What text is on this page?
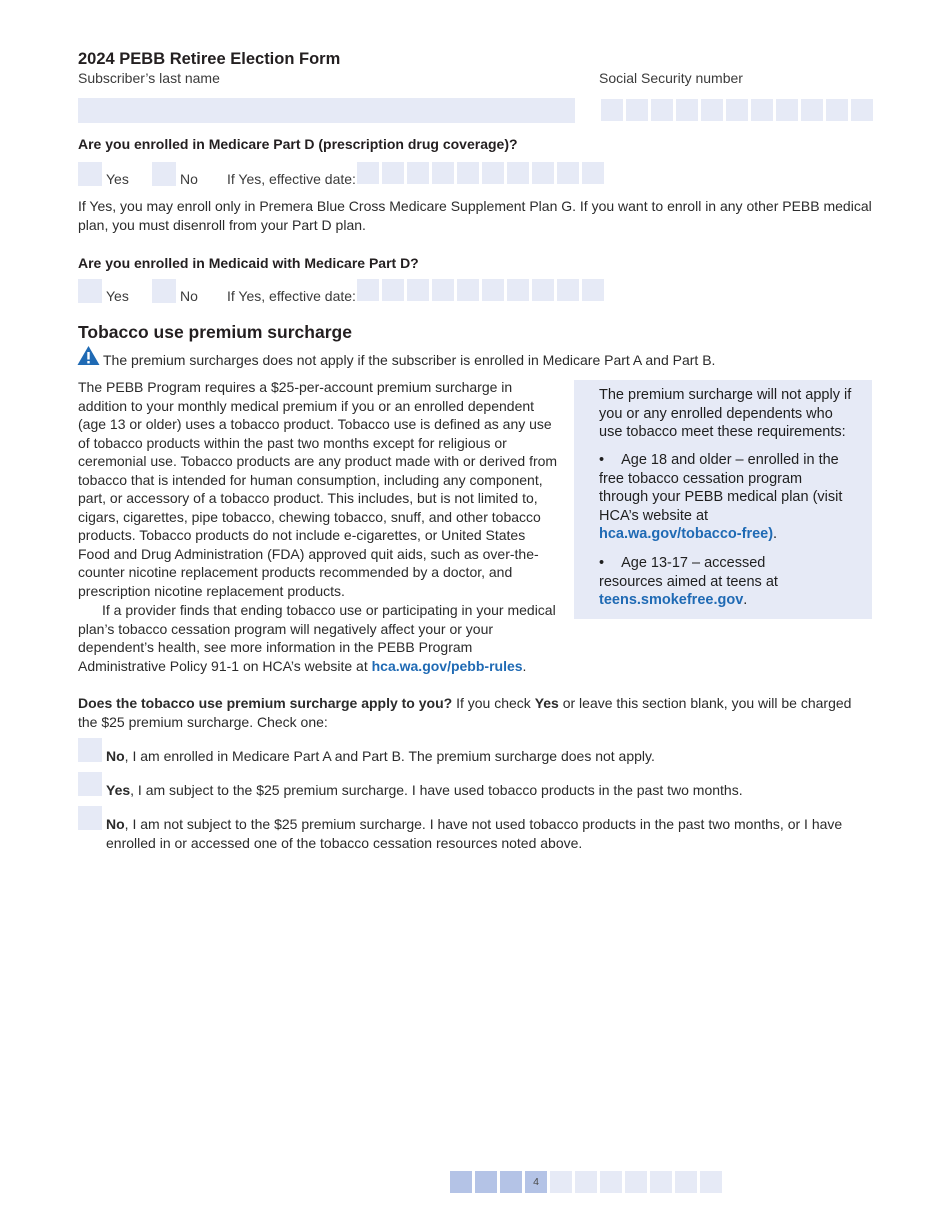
2024 PEBB Retiree Election Form
Subscriber’s last name	Social Security number
Are you enrolled in Medicare Part D (prescription drug coverage)?
Yes	No If Yes, effective date:
If Yes, you may enroll only in Premera Blue Cross Medicare Supplement Plan G. If you want to enroll in any other PEBB medical plan, you must disenroll from your Part D plan.
Are you enrolled in Medicaid with Medicare Part D?
Yes	No If Yes, effective date:
Tobacco use premium surcharge
The premium surcharges does not apply if the subscriber is enrolled in Medicare Part A and Part B.
The PEBB Program requires a $25-per-account premium surcharge in addition to your monthly medical premium if you or an enrolled dependent (age 13 or older) uses a tobacco product. Tobacco use is defined as any use of tobacco products within the past two months except for religious or ceremonial use. Tobacco products are any product made with or derived from tobacco that is intended for human consumption, including any component, part, or accessory of a tobacco product. This includes, but is not limited to, cigars, cigarettes, pipe tobacco, chewing tobacco, snuff, and other tobacco products. Tobacco products do not include e-cigarettes, or United States Food and Drug Administration (FDA) approved quit aids, such as over-the-counter nicotine replacement products recommended by a doctor, and prescription nicotine replacement products.
If a provider finds that ending tobacco use or participating in your medical plan’s tobacco cessation program will negatively affect your or your dependent’s health, see more information in the PEBB Program Administrative Policy 91-1 on HCA’s website at hca.wa.gov/pebb-rules.
The premium surcharge will not apply if you or any enrolled dependents who use tobacco meet these requirements:
• Age 18 and older – enrolled in the free tobacco cessation program through your PEBB medical plan (visit HCA’s website at hca.wa.gov/tobacco-free).
• Age 13-17 – accessed resources aimed at teens at teens.smokefree.gov.
Does the tobacco use premium surcharge apply to you? If you check Yes or leave this section blank, you will be charged the $25 premium surcharge. Check one:
No, I am enrolled in Medicare Part A and Part B. The premium surcharge does not apply.
Yes, I am subject to the $25 premium surcharge. I have used tobacco products in the past two months.
No, I am not subject to the $25 premium surcharge. I have not used tobacco products in the past two months, or I have enrolled in or accessed one of the tobacco cessation resources noted above.
4
